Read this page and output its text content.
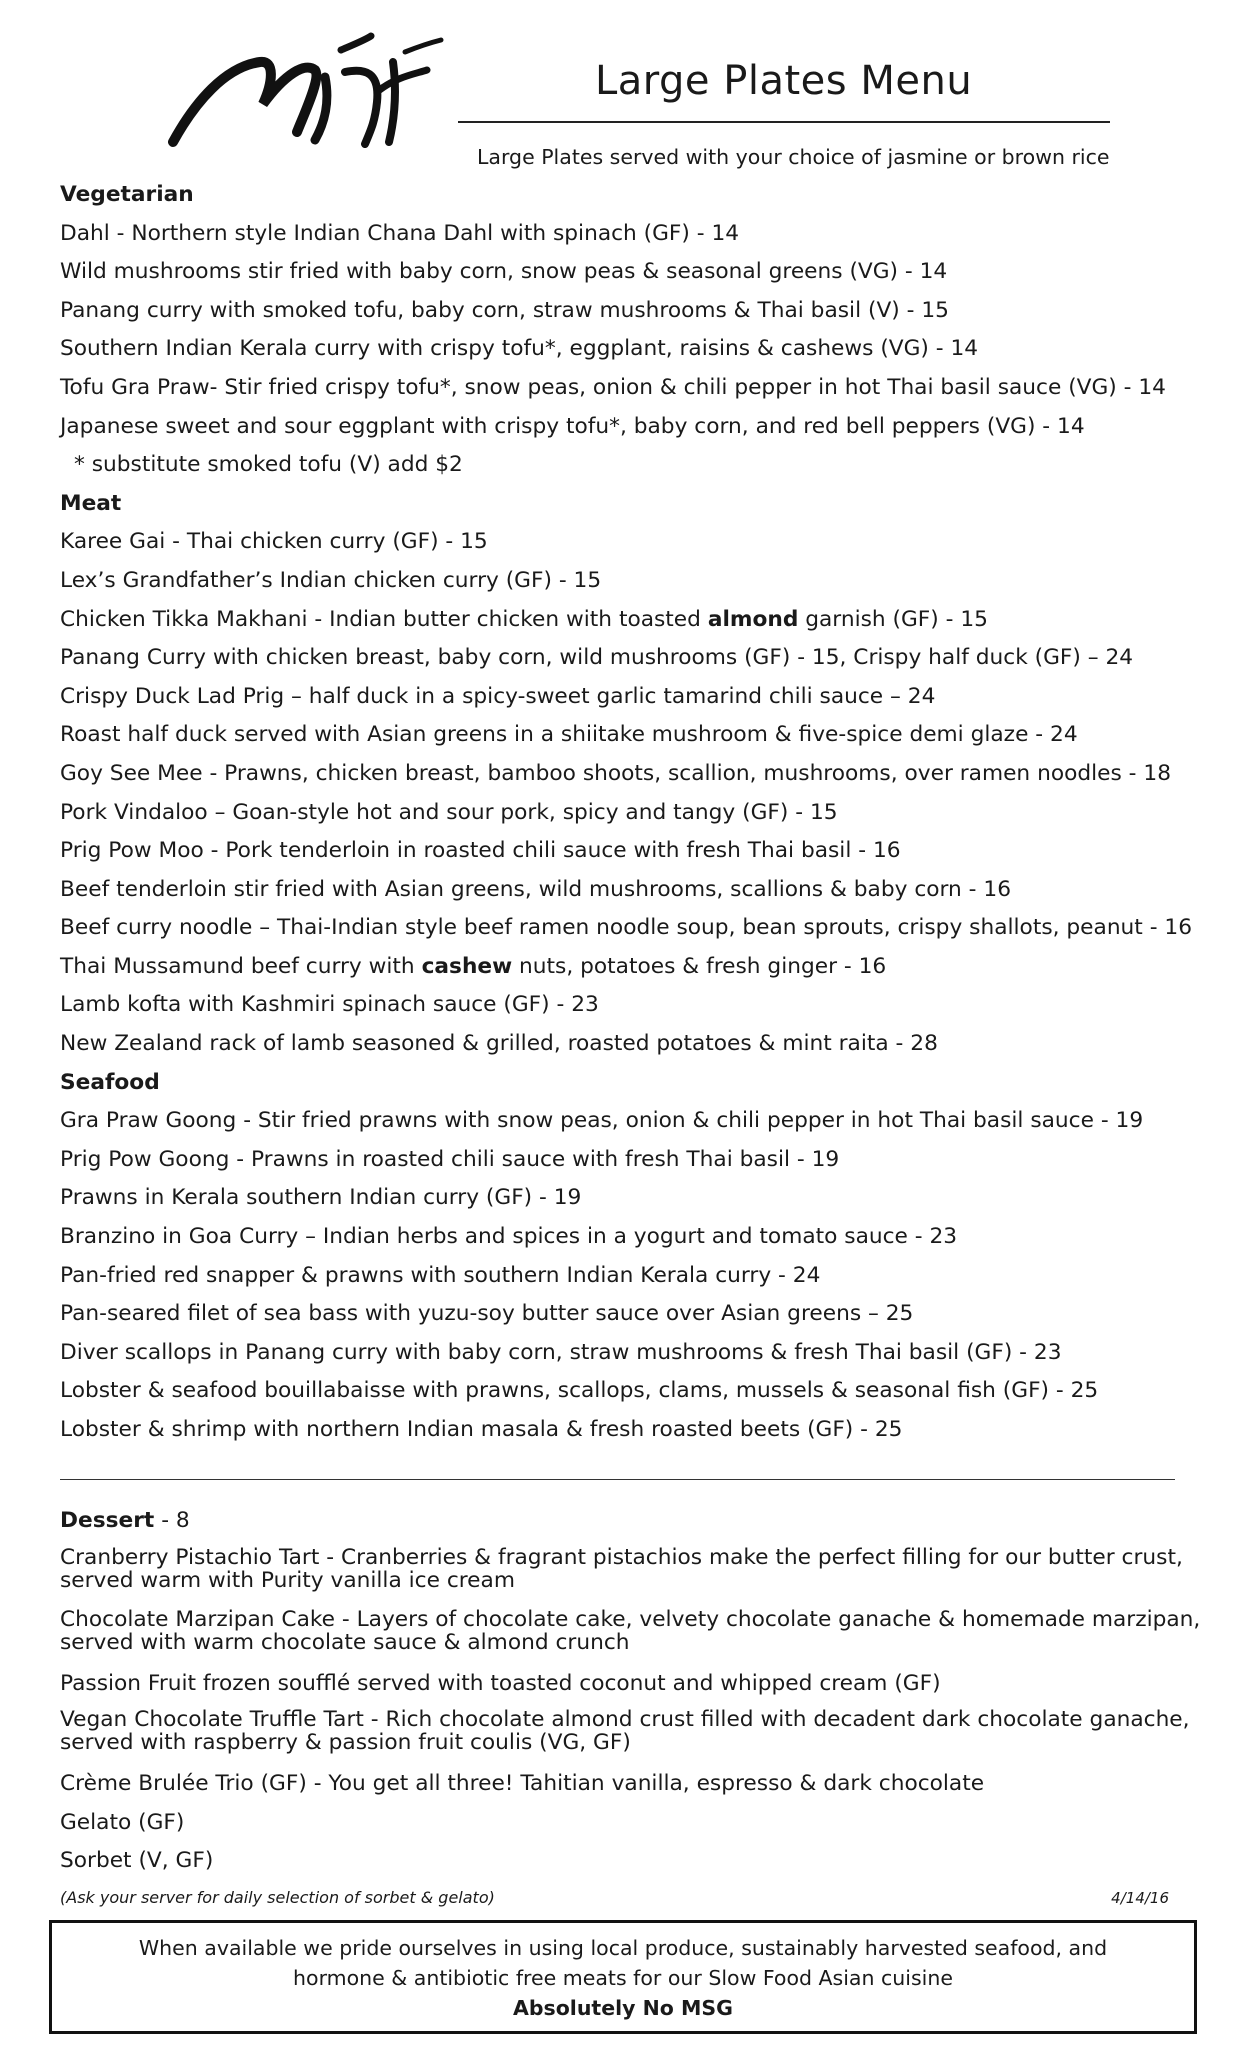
Large Plates Menu
Large Plates served with your choice of jasmine or brown rice
Vegetarian
Dahl - Northern style Indian Chana Dahl with spinach (GF) - 14
Wild mushrooms stir fried with baby corn, snow peas & seasonal greens (VG) - 14
Panang curry with smoked tofu, baby corn, straw mushrooms & Thai basil (V) - 15
Southern Indian Kerala curry with crispy tofu*, eggplant, raisins & cashews (VG) - 14
Tofu Gra Praw- Stir fried crispy tofu*, snow peas, onion & chili pepper in hot Thai basil sauce (VG) - 14
Japanese sweet and sour eggplant with crispy tofu*, baby corn, and red bell peppers (VG) - 14
* substitute smoked tofu (V) add $2
Meat
Karee Gai - Thai chicken curry (GF) - 15
Lex’s Grandfather’s Indian chicken curry (GF) - 15
Chicken Tikka Makhani - Indian butter chicken with toasted almond garnish (GF) - 15
Panang Curry with chicken breast, baby corn, wild mushrooms (GF) - 15, Crispy half duck (GF) – 24
Crispy Duck Lad Prig – half duck in a spicy-sweet garlic tamarind chili sauce – 24
Roast half duck served with Asian greens in a shiitake mushroom & five-spice demi glaze - 24
Goy See Mee - Prawns, chicken breast, bamboo shoots, scallion, mushrooms, over ramen noodles - 18
Pork Vindaloo – Goan-style hot and sour pork, spicy and tangy (GF) - 15
Prig Pow Moo - Pork tenderloin in roasted chili sauce with fresh Thai basil - 16
Beef tenderloin stir fried with Asian greens, wild mushrooms, scallions & baby corn - 16
Beef curry noodle – Thai-Indian style beef ramen noodle soup, bean sprouts, crispy shallots, peanut - 16
Thai Mussamund beef curry with cashew nuts, potatoes & fresh ginger - 16
Lamb kofta with Kashmiri spinach sauce (GF) - 23
New Zealand rack of lamb seasoned & grilled, roasted potatoes & mint raita - 28
Seafood
Gra Praw Goong - Stir fried prawns with snow peas, onion & chili pepper in hot Thai basil sauce - 19
Prig Pow Goong - Prawns in roasted chili sauce with fresh Thai basil - 19
Prawns in Kerala southern Indian curry (GF) - 19
Branzino in Goa Curry – Indian herbs and spices in a yogurt and tomato sauce - 23
Pan-fried red snapper & prawns with southern Indian Kerala curry - 24
Pan-seared filet of sea bass with yuzu-soy butter sauce over Asian greens – 25
Diver scallops in Panang curry with baby corn, straw mushrooms & fresh Thai basil (GF) - 23
Lobster & seafood bouillabaisse with prawns, scallops, clams, mussels & seasonal fish (GF) - 25
Lobster & shrimp with northern Indian masala & fresh roasted beets (GF) - 25
Dessert - 8
Cranberry Pistachio Tart - Cranberries & fragrant pistachios make the perfect filling for our butter crust,
served warm with Purity vanilla ice cream
Chocolate Marzipan Cake - Layers of chocolate cake, velvety chocolate ganache & homemade marzipan,
served with warm chocolate sauce & almond crunch
Passion Fruit frozen soufflé served with toasted coconut and whipped cream (GF)
Vegan Chocolate Truffle Tart - Rich chocolate almond crust filled with decadent dark chocolate ganache,
served with raspberry & passion fruit coulis (VG, GF)
Crème Brulée Trio (GF) - You get all three! Tahitian vanilla, espresso & dark chocolate
Gelato (GF)
Sorbet (V, GF)
(Ask your server for daily selection of sorbet & gelato)	4/14/16
When available we pride ourselves in using local produce, sustainably harvested seafood, and
hormone & antibiotic free meats for our Slow Food Asian cuisine
Absolutely No MSG
